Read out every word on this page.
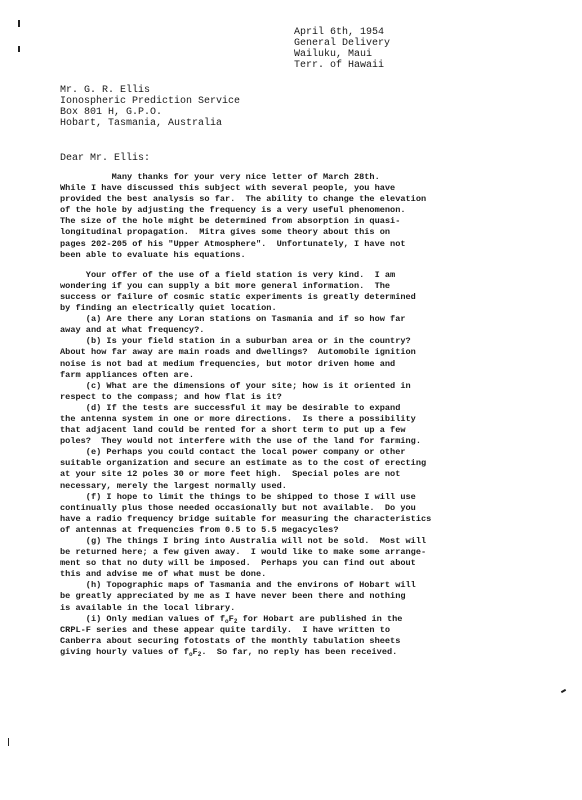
April 6th, 1954
General Delivery
Wailuku, Maui
Terr. of Hawaii
Mr. G. R. Ellis
Ionospheric Prediction Service
Box 801 H, G.P.O.
Hobart, Tasmania, Australia
Dear Mr. Ellis:
Many thanks for your very nice letter of March 28th.
While I have discussed this subject with several people, you have
provided the best analysis so far.  The ability to change the elevation
of the hole by adjusting the frequency is a very useful phenomenon.
The size of the hole might be determined from absorption in quasi-
longitudinal propagation.  Mitra gives some theory about this on
pages 202-205 of his "Upper Atmosphere".  Unfortunately, I have not
been able to evaluate his equations.
Your offer of the use of a field station is very kind.  I am
wondering if you can supply a bit more general information.  The
success or failure of cosmic static experiments is greatly determined
by finding an electrically quiet location.
(a) Are there any Loran stations on Tasmania and if so how far
away and at what frequency?.
(b) Is your field station in a suburban area or in the country?
About how far away are main roads and dwellings?  Automobile ignition
noise is not bad at medium frequencies, but motor driven home and
farm appliances often are.
(c) What are the dimensions of your site; how is it oriented in
respect to the compass; and how flat is it?
(d) If the tests are successful it may be desirable to expand
the antenna system in one or more directions.  Is there a possibility
that adjacent land could be rented for a short term to put up a few
poles?  They would not interfere with the use of the land for farming.
(e) Perhaps you could contact the local power company or other
suitable organization and secure an estimate as to the cost of erecting
at your site 12 poles 30 or more feet high.  Special poles are not
necessary, merely the largest normally used.
(f) I hope to limit the things to be shipped to those I will use
continually plus those needed occasionally but not available.  Do you
have a radio frequency bridge suitable for measuring the characteristics
of antennas at frequencies from 0.5 to 5.5 megacycles?
(g) The things I bring into Australia will not be sold.  Most will
be returned here; a few given away.  I would like to make some arrange-
ment so that no duty will be imposed.  Perhaps you can find out about
this and advise me of what must be done.
(h) Topographic maps of Tasmania and the environs of Hobart will
be greatly appreciated by me as I have never been there and nothing
is available in the local library.
(i) Only median values of $f_oF_2$ for Hobart are published in the
CRPL-F series and these appear quite tardily.  I have written to
Canberra about securing fotostats of the monthly tabulation sheets
giving hourly values of $f_oF_2$.  So far, no reply has been received.
